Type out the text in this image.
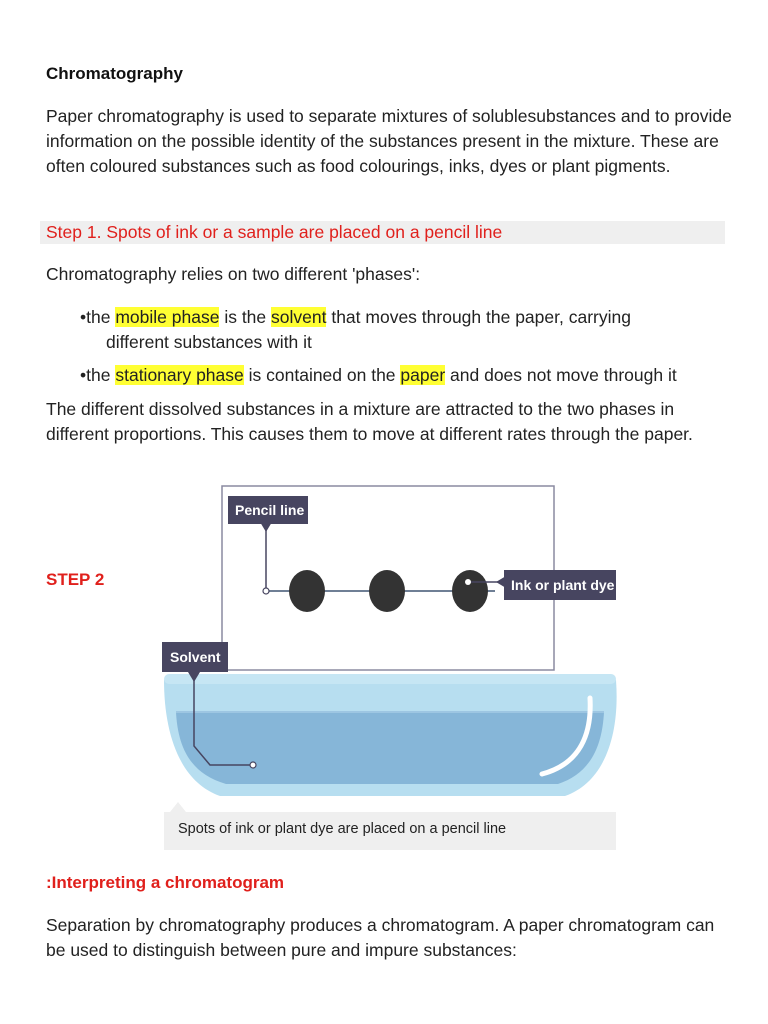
Chromatography
Paper chromatography is used to separate mixtures of solublesubstances and to provide information on the possible identity of the substances present in the mixture. These are often coloured substances such as food colourings, inks, dyes or plant pigments.
Step 1. Spots of ink or a sample are placed on a pencil line
Chromatography relies on two different 'phases':
•the mobile phase is the solvent that moves through the paper, carrying
different substances with it
•the stationary phase is contained on the paper and does not move through it
The different dissolved substances in a mixture are attracted to the two phases in different proportions. This causes them to move at different rates through the paper.
STEP 2
Pencil line
Ink or plant dye
Solvent
Spots of ink or plant dye are placed on a pencil line
:Interpreting a chromatogram
Separation by chromatography produces a chromatogram. A paper chromatogram can be used to distinguish between pure and impure substances:
